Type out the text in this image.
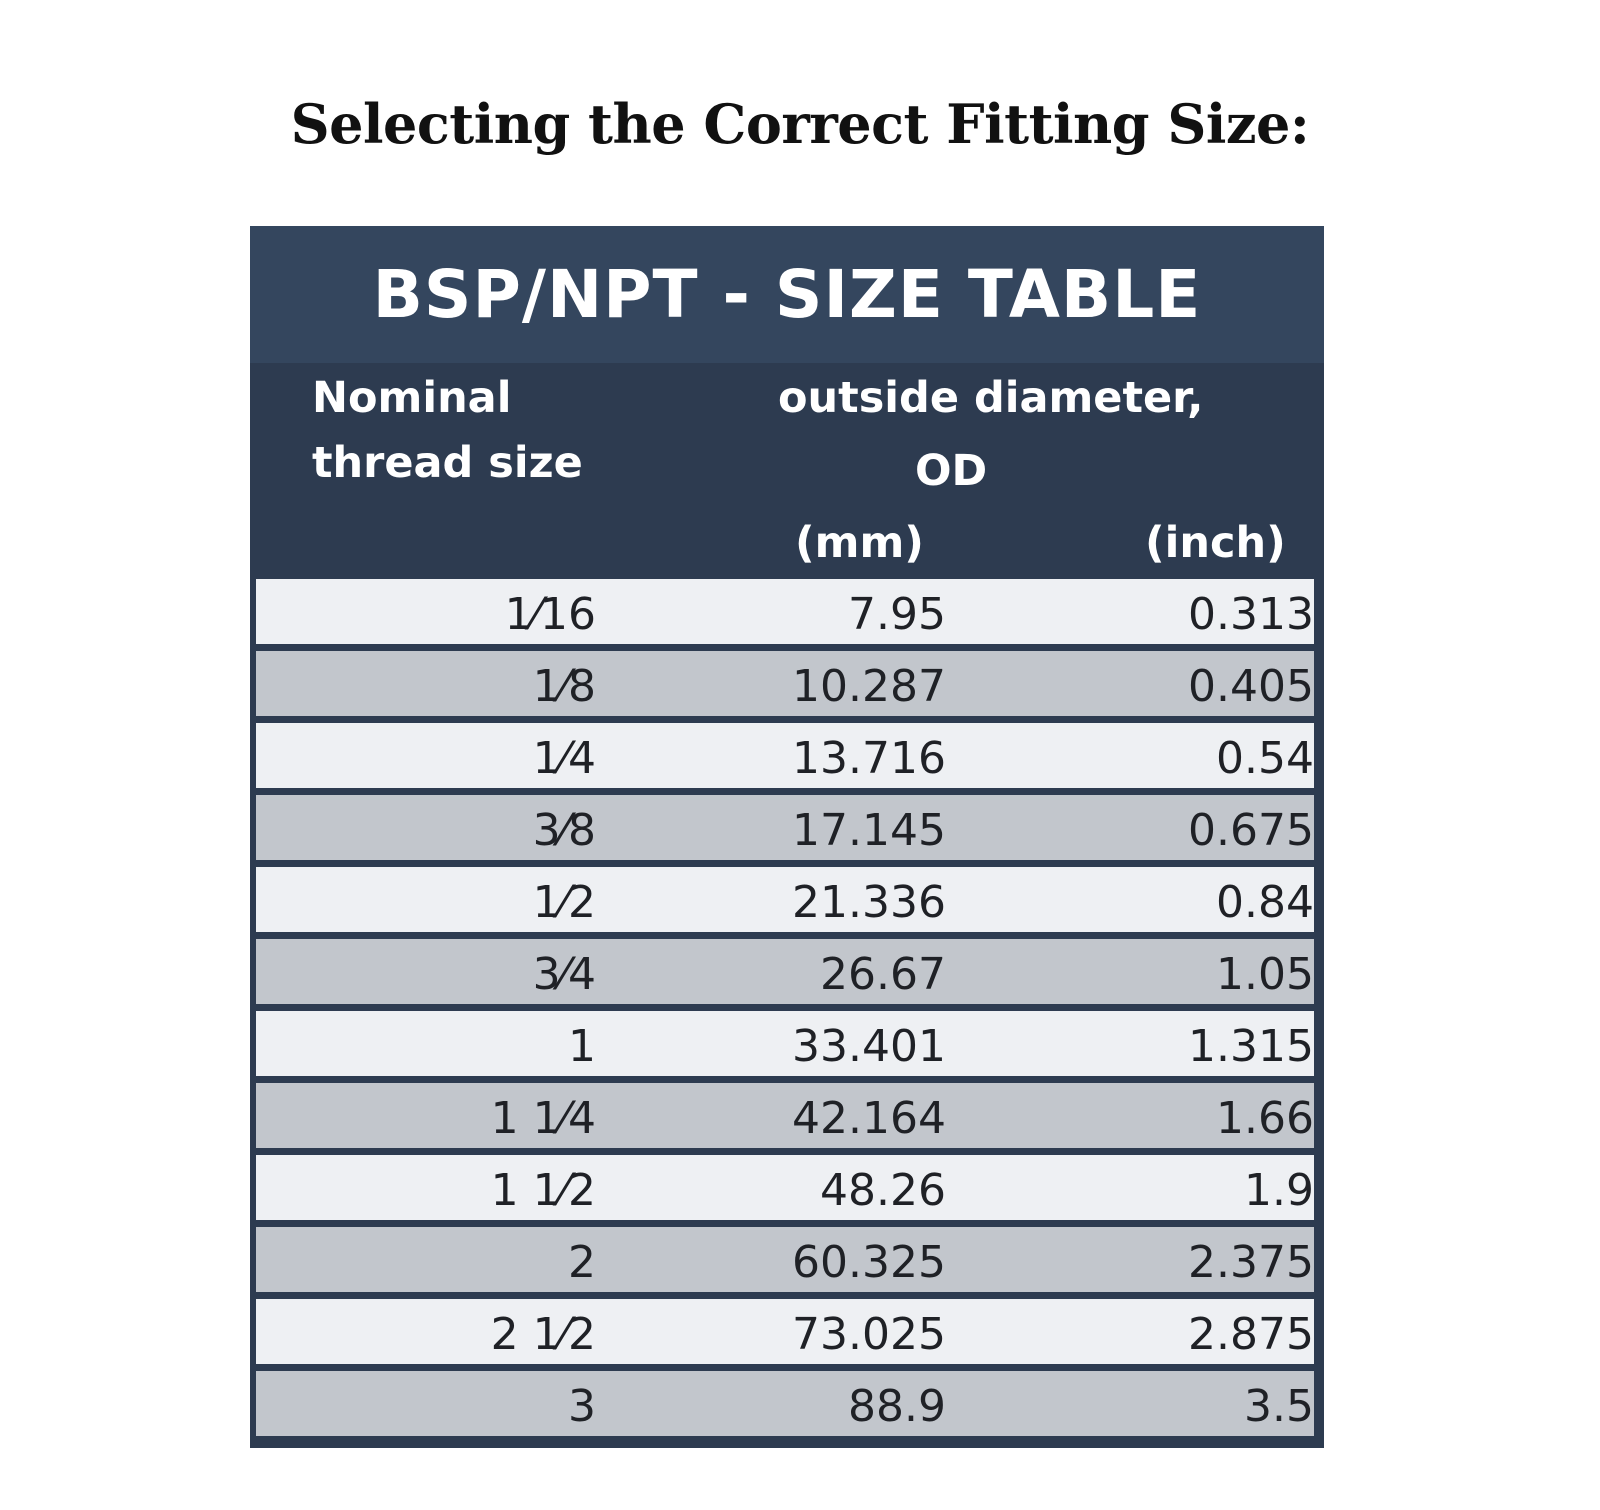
Selecting the Correct Fitting Size:
BSP/NPT - SIZE TABLE
Nominal
thread size
outside diameter,
OD
(mm)	(inch)
1⁄16	7.95	0.313
1⁄8	10.287	0.405
1⁄4	13.716	0.54
3⁄8	17.145	0.675
1⁄2	21.336	0.84
3⁄4	26.67	1.05
1	33.401	1.315
1 1⁄4	42.164	1.66
1 1⁄2	48.26	1.9
2	60.325	2.375
2 1⁄2	73.025	2.875
3	88.9	3.5
